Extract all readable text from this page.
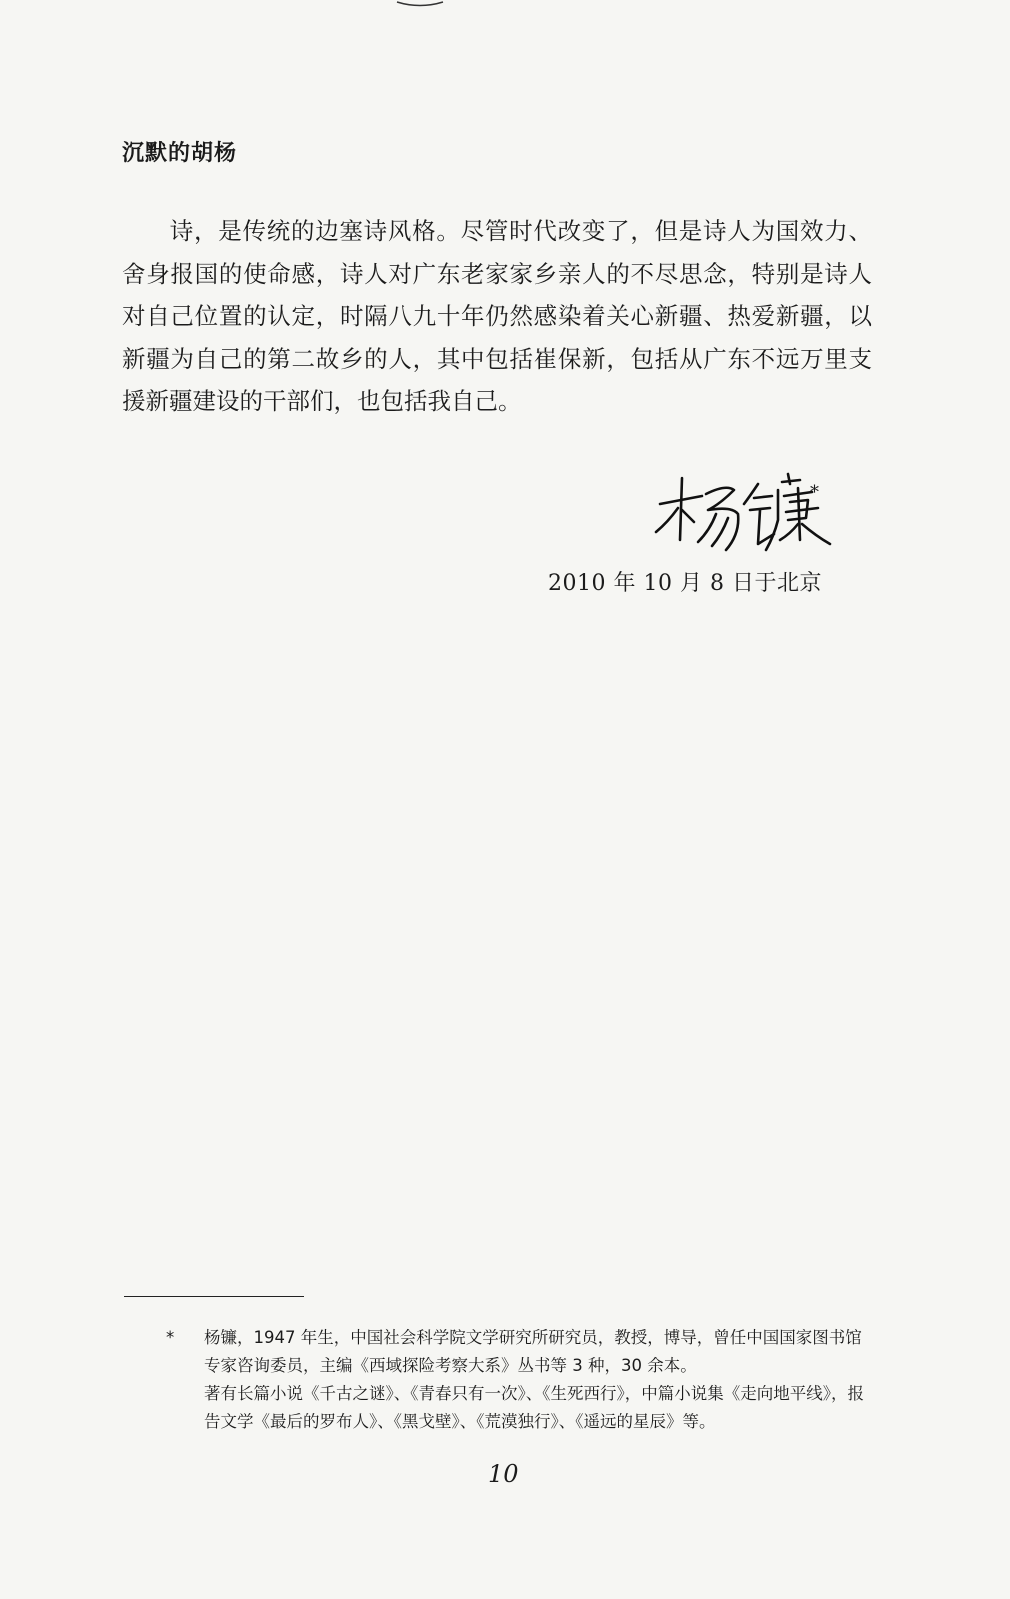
沉默的胡杨

诗，是传统的边塞诗风格。尽管时代改变了，但是诗人为国效力、舍身报国的使命感，诗人对广东老家家乡亲人的不尽思念，特别是诗人对自己位置的认定，时隔八九十年仍然感染着关心新疆、热爱新疆，以新疆为自己的第二故乡的人，其中包括崔保新，包括从广东不远万里支援新疆建设的干部们，也包括我自己。

*
2010 年 10 月 8 日于北京
* 杨镰，1947 年生，中国社会科学院文学研究所研究员，教授，博导，曾任中国国家图书馆专家咨询委员，主编《西域探险考察大系》丛书等 3 种，30 余本。

著有长篇小说《千古之谜》、《青春只有一次》、《生死西行》，中篇小说集《走向地平线》，报告文学《最后的罗布人》、《黑戈壁》、《荒漠独行》、《遥远的星辰》等。

10
